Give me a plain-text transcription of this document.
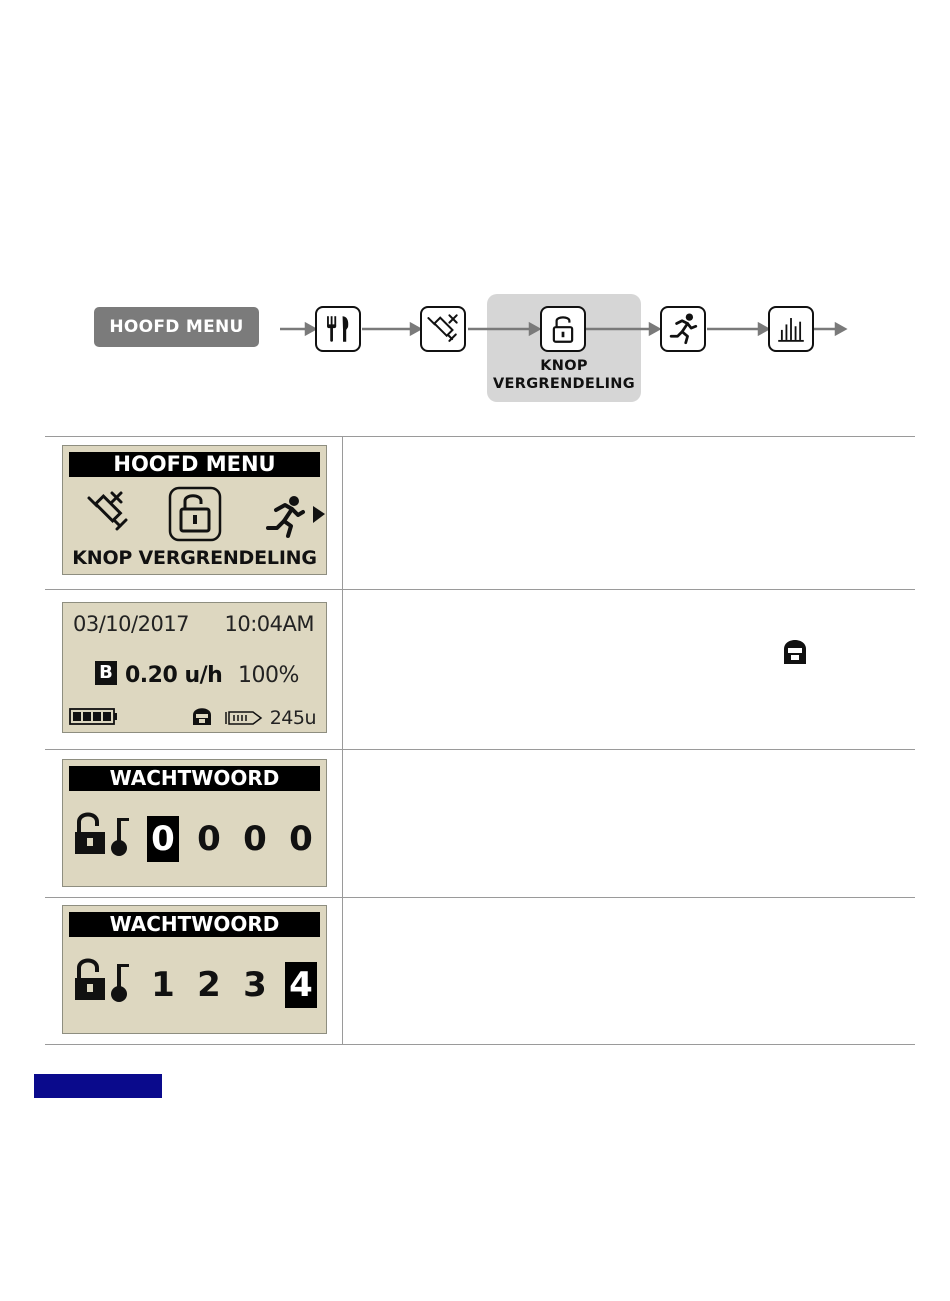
HOOFD MENU
KNOP
VERGRENDELING
HOOFD MENU
KNOP VERGRENDELING
03/10/2017 10:04AM
B 0.20 u/h 100%
245u
WACHTWOORD
0 0 0 0
WACHTWOORD
1 2 3 4
